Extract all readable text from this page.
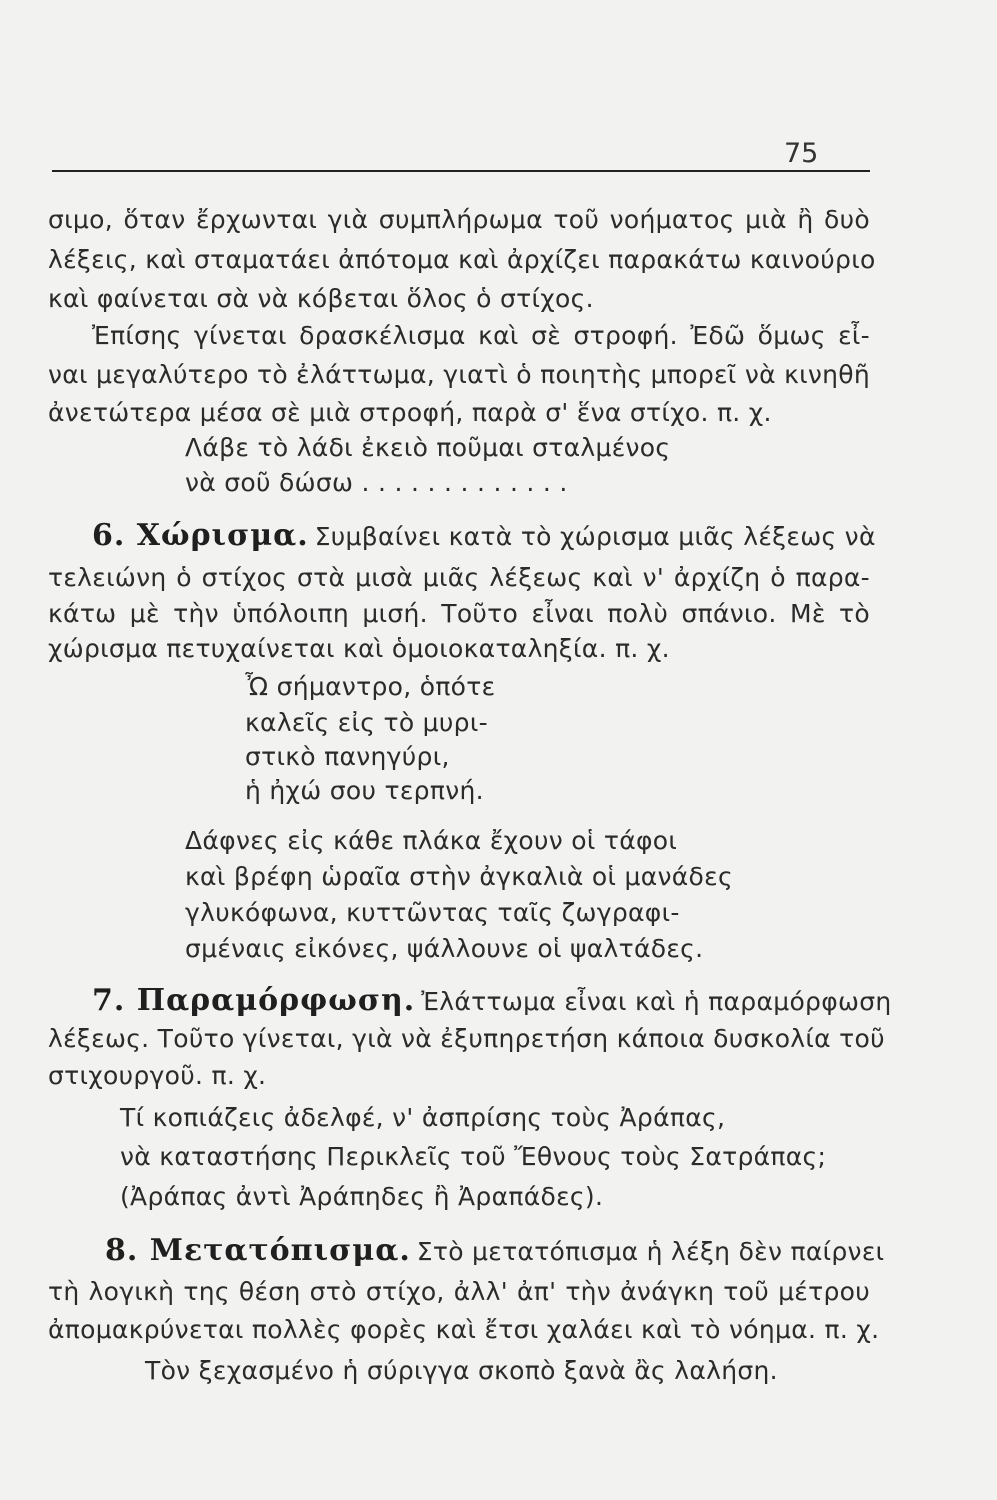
75
σιμο, ὅταν ἔρχωνται γιὰ συμπλήρωμα τοῦ νοήματος μιὰ ἢ δυὸ
λέξεις, καὶ σταματάει ἀπότομα καὶ ἀρχίζει παρακάτω καινούριο
καὶ φαίνεται σὰ νὰ κόβεται ὅλος ὁ στίχος.
Ἐπίσης γίνεται δρασκέλισμα καὶ σὲ στροφή. Ἐδῶ ὅμως εἶ-
ναι μεγαλύτερο τὸ ἐλάττωμα, γιατὶ ὁ ποιητὴς μπορεῖ νὰ κινηθῆ
ἀνετώτερα μέσα σὲ μιὰ στροφή, παρὰ σ' ἕνα στίχο. π. χ.
Λάβε τὸ λάδι ἐκειὸ ποῦμαι σταλμένος
νὰ σοῦ δώσω . . . . . . . . . . . . .
6. Χώρισμα. Συμβαίνει κατὰ τὸ χώρισμα μιᾶς λέξεως νὰ
τελειώνη ὁ στίχος στὰ μισὰ μιᾶς λέξεως καὶ ν' ἀρχίζη ὁ παρα-
κάτω μὲ τὴν ὑπόλοιπη μισή. Τοῦτο εἶναι πολὺ σπάνιο. Μὲ τὸ
χώρισμα πετυχαίνεται καὶ ὁμοιοκαταληξία. π. χ.
Ὦ σήμαντρο, ὁπότε
καλεῖς εἰς τὸ μυρι-
στικὸ πανηγύρι,
ἡ ἠχώ σου τερπνή.
Δάφνες εἰς κάθε πλάκα ἔχουν οἱ τάφοι
καὶ βρέφη ὡραῖα στὴν ἀγκαλιὰ οἱ μανάδες
γλυκόφωνα, κυττῶντας ταῖς ζωγραφι-
σμέναις εἰκόνες, ψάλλουνε οἱ ψαλτάδες.
7. Παραμόρφωση. Ἐλάττωμα εἶναι καὶ ἡ παραμόρφωση
λέξεως. Τοῦτο γίνεται, γιὰ νὰ ἐξυπηρετήση κάποια δυσκολία τοῦ
στιχουργοῦ. π. χ.
Τί κοπιάζεις ἀδελφέ, ν' ἀσπρίσης τοὺς Ἀράπας,
νὰ καταστήσης Περικλεῖς τοῦ Ἔθνους τοὺς Σατράπας;
(Ἀράπας ἀντὶ Ἀράπηδες ἢ Ἀραπάδες).
8. Μετατόπισμα. Στὸ μετατόπισμα ἡ λέξη δὲν παίρνει
τὴ λογικὴ της θέση στὸ στίχο, ἀλλ' ἀπ' τὴν ἀνάγκη τοῦ μέτρου
ἀπομακρύνεται πολλὲς φορὲς καὶ ἔτσι χαλάει καὶ τὸ νόημα. π. χ.
Τὸν ξεχασμένο ἡ σύριγγα σκοπὸ ξανὰ ἂς λαλήση.
